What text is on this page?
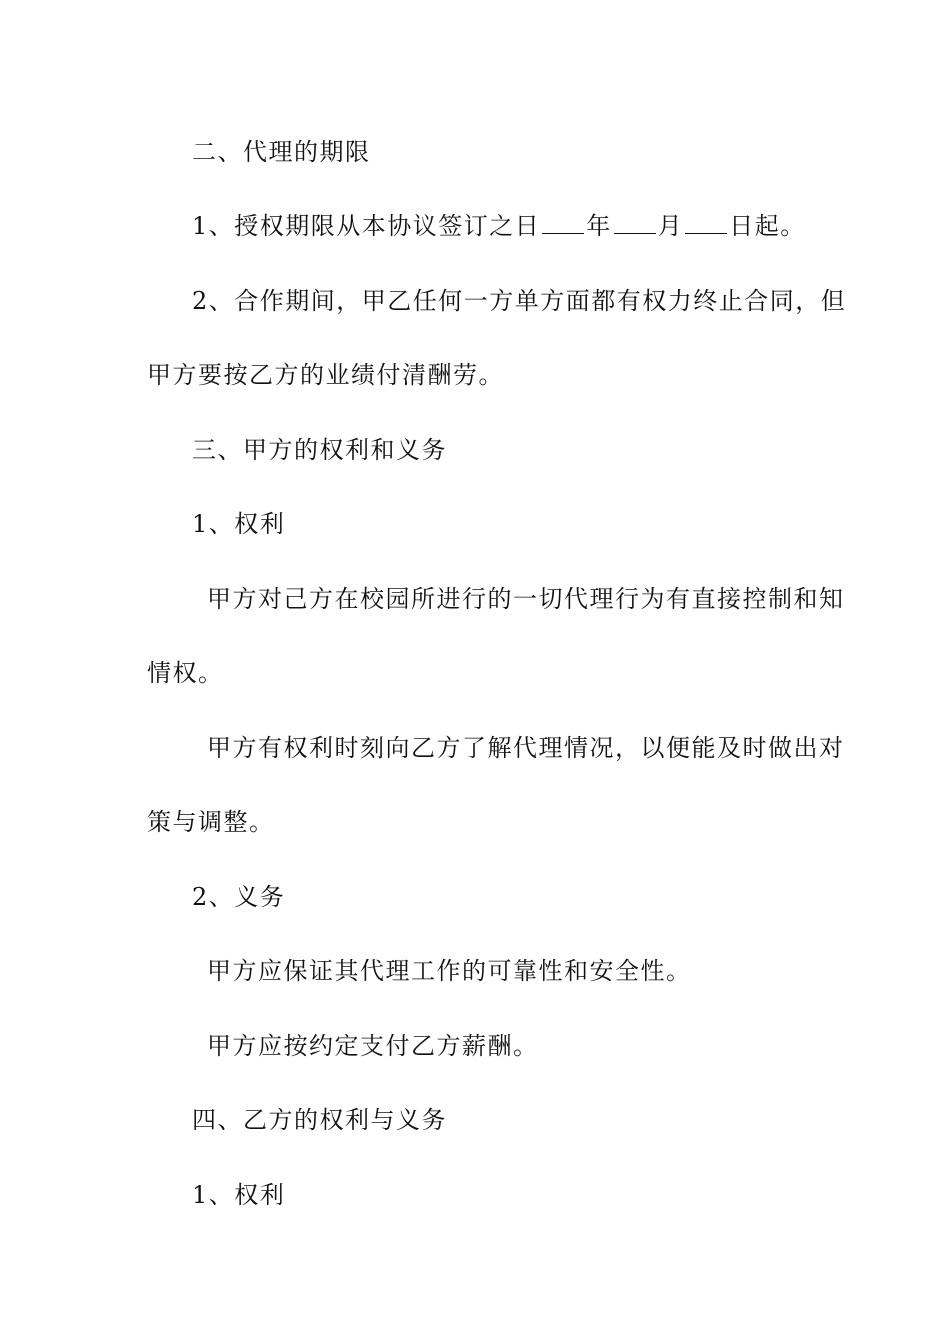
二、代理的期限
1、授权期限从本协议签订之日 年 月 日起。
2、合作期间，甲乙任何一方单方面都有权力终止合同，但
甲方要按乙方的业绩付清酬劳。
三、甲方的权利和义务
1、权利
甲方对己方在校园所进行的一切代理行为有直接控制和知
情权。
甲方有权利时刻向乙方了解代理情况，以便能及时做出对
策与调整。
2、义务
甲方应保证其代理工作的可靠性和安全性。
甲方应按约定支付乙方薪酬。
四、乙方的权利与义务
1、权利
